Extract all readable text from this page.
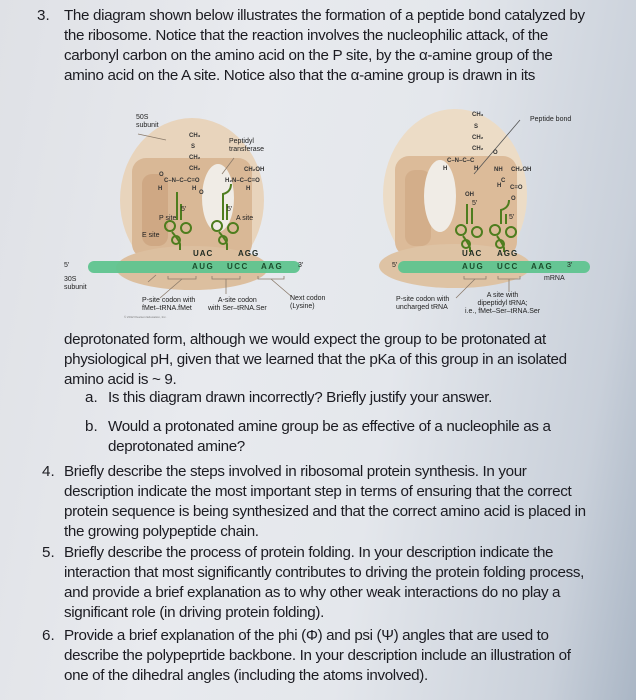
3. The diagram shown below illustrates the formation of a peptide bond catalyzed by
the ribosome. Notice that the reaction involves the nucleophilic attack, of the
carbonyl carbon on the amino acid on the P site, by the α-amine group of the
amino acid on the A site. Notice also that the α-amine group is drawn in its
50S
subunit
Peptidyl
transferase
CH₃
S
CH₂
CH₂
O
C–N–C–C=O
H	H
O
CH₂OH
H₂N–C–C=O
H
5′	5′
P site	A site
E site
UAC	AGG
5′	AUG UCC AAG 3′
30S
subunit
P-site codon with
fMet–tRNA.fMet
A-site codon
with Ser–tRNA.Ser
Next codon
(Lysine)
© 2012 Pearson Education, Inc.
Peptide bond
CH₃
S
CH₂
CH₂
O
C–N–C–C
H	H	NH CH₂OH
C
H C=O
O
OH
5′
5′
UAC AGG
5′	AUG UCC AAG 3′
mRNA
P-site codon with
uncharged tRNA
A site with
dipeptidyl tRNA;
i.e., fMet–Ser–tRNA.Ser
deprotonated form, although we would expect the group to be protonated at
physiological pH, given that we learned that the pKa of this group in an isolated
amino acid is ~ 9.
a. Is this diagram drawn incorrectly? Briefly justify your answer.
b. Would a protonated amine group be as effective of a nucleophile as a
deprotonated amine?
4. Briefly describe the steps involved in ribosomal protein synthesis. In your
description indicate the most important step in terms of ensuring that the correct
protein sequence is being synthesized and that the correct amino acid is placed in
the growing polypeptide chain.
5. Briefly describe the process of protein folding. In your description indicate the
interaction that most significantly contributes to driving the protein folding process,
and provide a brief explanation as to why other weak interactions do no play a
significant role (in driving protein folding).
6. Provide a brief explanation of the phi (Φ) and psi (Ψ) angles that are used to
describe the polypeprtide backbone. In your description include an illustration of
one of the dihedral angles (including the atoms involved).
